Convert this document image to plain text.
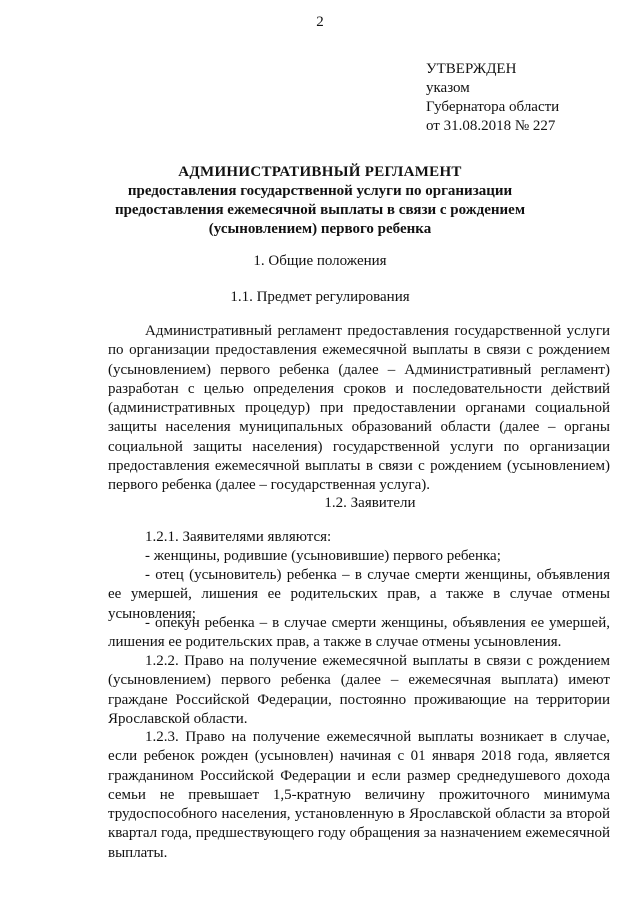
2
УТВЕРЖДЕН
указом
Губернатора области
от 31.08.2018 № 227
АДМИНИСТРАТИВНЫЙ РЕГЛАМЕНТ
предоставления государственной услуги по организации предоставления ежемесячной выплаты в связи с рождением (усыновлением) первого ребенка
1. Общие положения
1.1. Предмет регулирования

Административный регламент предоставления государственной услуги по организации предоставления ежемесячной выплаты в связи с рождением (усыновлением) первого ребенка (далее – Административный регламент) разработан с целью определения сроков и последовательности действий (административных процедур) при предоставлении органами социальной защиты населения муниципальных образований области (далее – органы социальной защиты населения) государственной услуги по организации предоставления ежемесячной выплаты в связи с рождением (усыновлением) первого ребенка (далее – государственная услуга).

1.2. Заявители

1.2.1. Заявителями являются:

- женщины, родившие (усыновившие) первого ребенка;

- отец (усыновитель) ребенка – в случае смерти женщины, объявления ее умершей, лишения ее родительских прав, а также в случае отмены усыновления;

- опекун ребенка – в случае смерти женщины, объявления ее умершей, лишения ее родительских прав, а также в случае отмены усыновления.

1.2.2. Право на получение ежемесячной выплаты в связи с рождением (усыновлением) первого ребенка (далее – ежемесячная выплата) имеют граждане Российской Федерации, постоянно проживающие на территории Ярославской области.

1.2.3. Право на получение ежемесячной выплаты возникает в случае, если ребенок рожден (усыновлен) начиная с 01 января 2018 года, является гражданином Российской Федерации и если размер среднедушевого дохода семьи не превышает 1,5-кратную величину прожиточного минимума трудоспособного населения, установленную в Ярославской области за второй квартал года, предшествующего году обращения за назначением ежемесячной выплаты.
